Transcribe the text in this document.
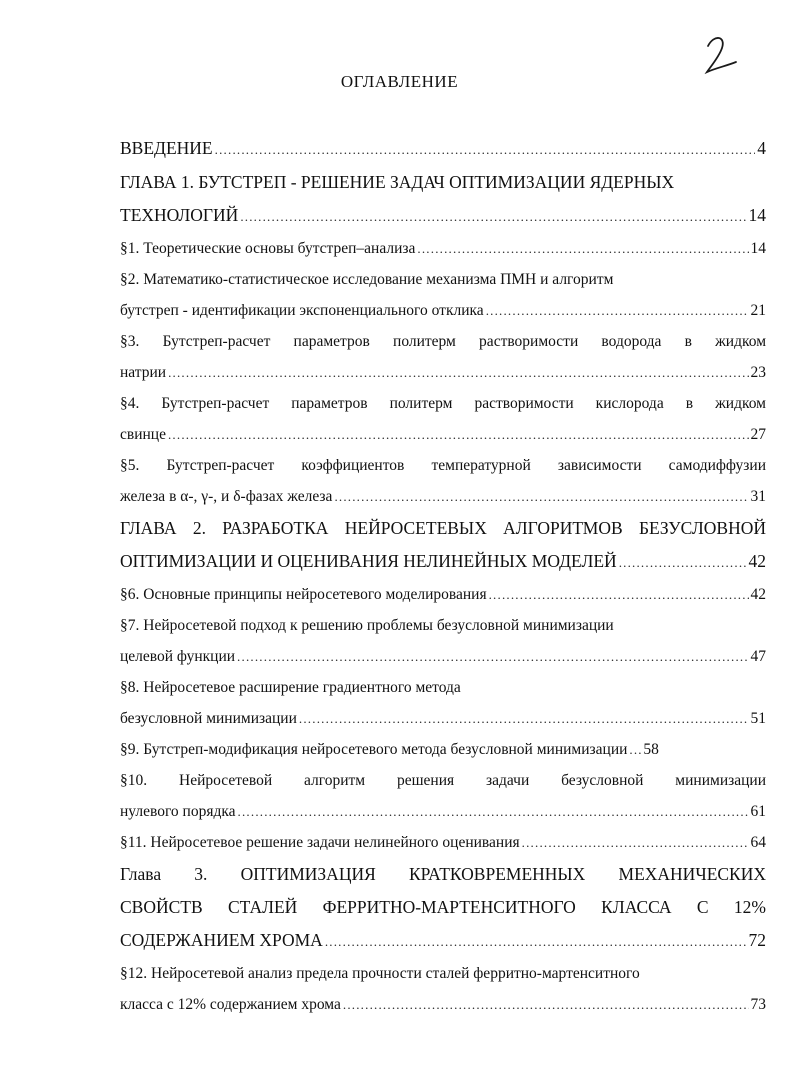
ОГЛАВЛЕНИЕ
ВВЕДЕНИЕ .....	4
ГЛАВА 1. БУТСТРЕП - РЕШЕНИЕ ЗАДАЧ ОПТИМИЗАЦИИ ЯДЕРНЫХ
ТЕХНОЛОГИЙ .....	14
§1. Теоретические основы бутстреп–анализа .....	14
§2. Математико-статистическое исследование механизма ПМН и алгоритм
бутстреп - идентификации экспоненциального отклика .....	21
§3. Бутстреп-расчет параметров политерм растворимости водорода в жидком
натрии .....	23
§4. Бутстреп-расчет параметров политерм растворимости кислорода в жидком
свинце .....	27
§5. Бутстреп-расчет коэффициентов температурной зависимости самодиффузии
железа в α-, γ-, и δ-фазах железа .....	31
ГЛАВА 2. РАЗРАБОТКА НЕЙРОСЕТЕВЫХ АЛГОРИТМОВ БЕЗУСЛОВНОЙ
ОПТИМИЗАЦИИ И ОЦЕНИВАНИЯ НЕЛИНЕЙНЫХ МОДЕЛЕЙ .....	42
§6. Основные принципы нейросетевого моделирования .....	42
§7. Нейросетевой подход к решению проблемы безусловной минимизации
целевой функции .....	47
§8. Нейросетевое расширение градиентного метода
безусловной минимизации .....	51
§9. Бутстреп-модификация нейросетевого метода безусловной минимизации ..... 58
§10. Нейросетевой алгоритм решения задачи безусловной минимизации
нулевого порядка .....	61
§11. Нейросетевое решение задачи нелинейного оценивания .....	64
Глава 3. ОПТИМИЗАЦИЯ КРАТКОВРЕМЕННЫХ МЕХАНИЧЕСКИХ
СВОЙСТВ СТАЛЕЙ ФЕРРИТНО-МАРТЕНСИТНОГО КЛАССА С 12%
СОДЕРЖАНИЕМ ХРОМА .....	72
§12. Нейросетевой анализ предела прочности сталей ферритно-мартенситного
класса с 12% содержанием хрома .....	73
